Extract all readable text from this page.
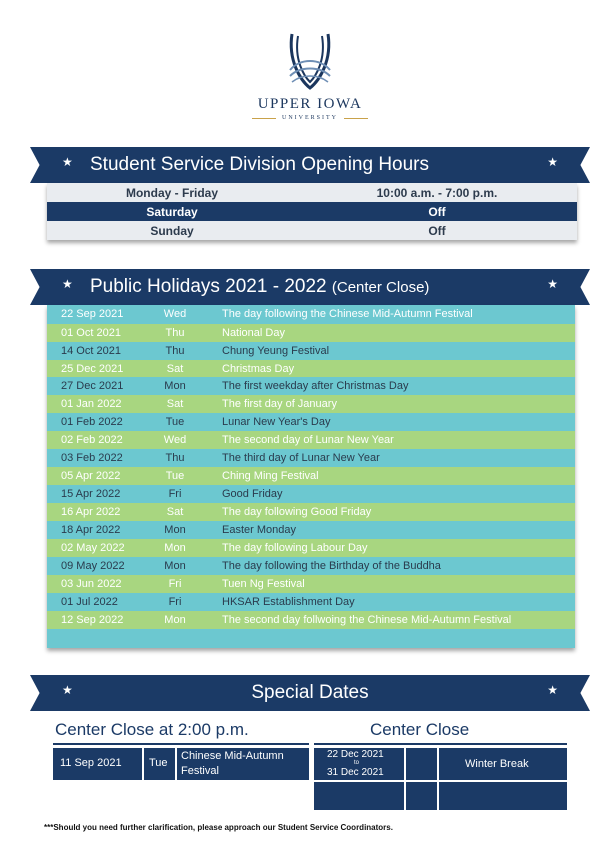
UPPER IOWA
UNIVERSITY
★	★
Student Service Division Opening Hours
Monday - Friday	10:00 a.m. - 7:00 p.m.
Saturday	Off
Sunday	Off
★	★
Public Holidays 2021 - 2022 (Center Close)
22 Sep 2021	Wed	The day following the Chinese Mid-Autumn Festival
01 Oct 2021	Thu	National Day
14 Oct 2021	Thu	Chung Yeung Festival
25 Dec 2021	Sat	Christmas Day
27 Dec 2021	Mon	The first weekday after Christmas Day
01 Jan 2022	Sat	The first day of January
01 Feb 2022	Tue	Lunar New Year's Day
02 Feb 2022	Wed	The second day of Lunar New Year
03 Feb 2022	Thu	The third day of Lunar New Year
05 Apr 2022	Tue	Ching Ming Festival
15 Apr 2022	Fri	Good Friday
16 Apr 2022	Sat	The day following Good Friday
18 Apr 2022	Mon	Easter Monday
02 May 2022	Mon	The day following Labour Day
09 May 2022	Mon	The day following the Birthday of the Buddha
03 Jun 2022	Fri	Tuen Ng Festival
01 Jul 2022	Fri	HKSAR Establishment Day
12 Sep 2022	Mon	The second day follwoing the Chinese Mid-Autumn Festival
★	★
Special Dates
Center Close at 2:00 p.m.
11 Sep 2021 Tue
Chinese Mid-Autumn
Festival
Center Close
22 Dec 2021
to
31 Dec 2021
Winter Break
***Should you need further clarification, please approach our Student Service Coordinators.
